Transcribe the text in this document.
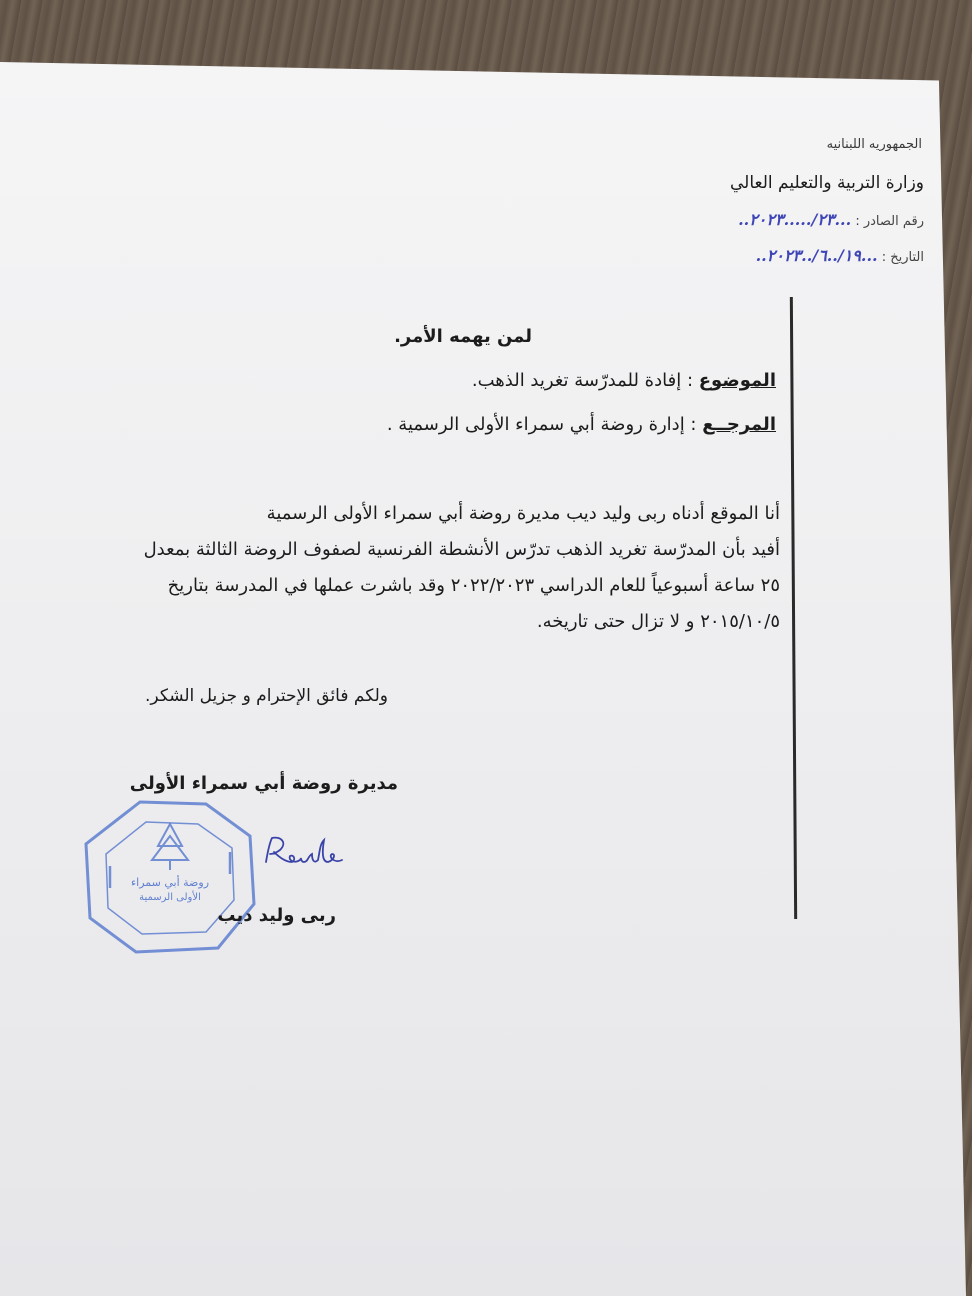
الجمهوريه اللبنانيه
وزارة التربية والتعليم العالي
رقم الصادر : ...٢٣/.....٢٠٢٣..
التاريخ : ...١٩/..٦/..٢٠٢٣..
لمن يهمه الأمر.
الموضوع : إفادة للمدرّسة تغريد الذهب.
المرجــع : إدارة روضة أبي سمراء الأولى الرسمية .
أنا الموقع أدناه ربى وليد ديب مديرة روضة أبي سمراء الأولى الرسمية
أفيد بأن المدرّسة تغريد الذهب تدرّس الأنشطة الفرنسية لصفوف الروضة الثالثة بمعدل
٢٥ ساعة أسبوعياً للعام الدراسي ٢٠٢٢/٢٠٢٣ وقد باشرت عملها في المدرسة بتاريخ
٢٠١٥/١٠/٥ و لا تزال حتى تاريخه.
ولكم فائق الإحترام و جزيل الشكر.
مديرة روضة أبي سمراء الأولى
روضة أبي سمراء
الأولى الرسمية
ربى وليد ديب
